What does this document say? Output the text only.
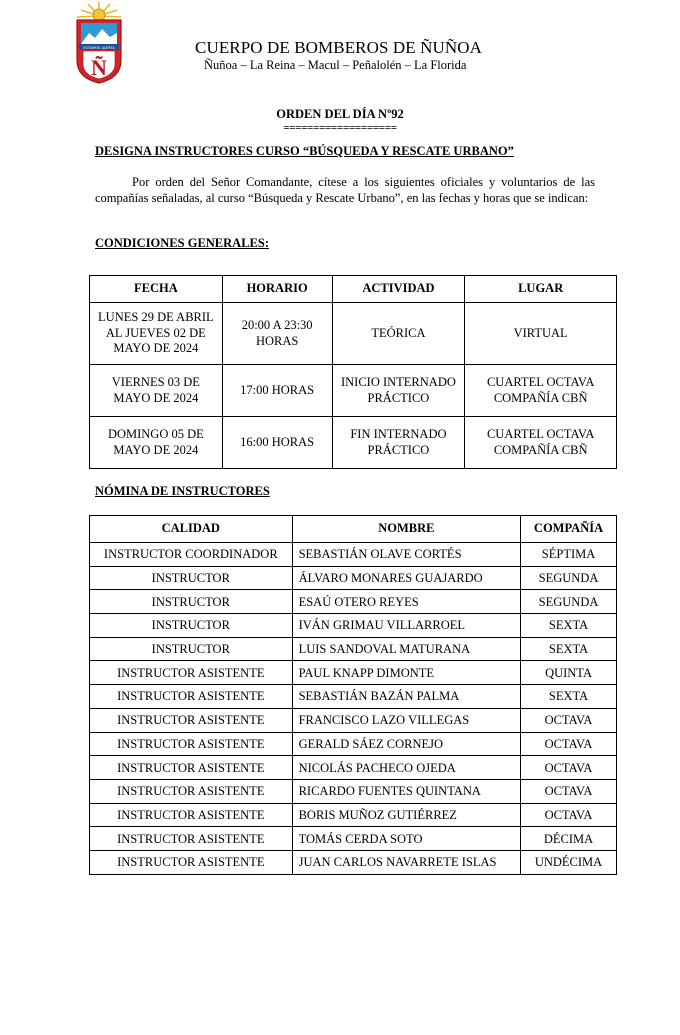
ESTAMOS ALERTA
Ñ
CUERPO DE BOMBEROS DE ÑUÑOA
Ñuñoa – La Reina – Macul – Peñalolén – La Florida
ORDEN DEL DÍA Nº92
===================
DESIGNA INSTRUCTORES CURSO “BÚSQUEDA Y RESCATE URBANO”

Por orden del Señor Comandante, cítese a los siguientes oficiales y voluntarios de las compañías señaladas, al curso “Búsqueda y Rescate Urbano”, en las fechas y horas que se indican:

CONDICIONES GENERALES:
FECHA	HORARIO	ACTIVIDAD	LUGAR
LUNES 29 DE ABRIL AL JUEVES 02 DE MAYO DE 2024	20:00 A 23:30 HORAS	TEÓRICA	VIRTUAL
VIERNES 03 DE MAYO DE 2024	17:00 HORAS	INICIO INTERNADO PRÁCTICO	CUARTEL OCTAVA COMPAÑÍA CBÑ
DOMINGO 05 DE MAYO DE 2024	16:00 HORAS	FIN INTERNADO PRÁCTICO	CUARTEL OCTAVA COMPAÑÍA CBÑ
NÓMINA DE INSTRUCTORES
CALIDAD	NOMBRE	COMPAÑÍA
INSTRUCTOR COORDINADOR	SEBASTIÁN OLAVE CORTÉS	SÉPTIMA
INSTRUCTOR	ÁLVARO MONARES GUAJARDO	SEGUNDA
INSTRUCTOR	ESAÚ OTERO REYES	SEGUNDA
INSTRUCTOR	IVÁN GRIMAU VILLARROEL	SEXTA
INSTRUCTOR	LUIS SANDOVAL MATURANA	SEXTA
INSTRUCTOR ASISTENTE	PAUL KNAPP DIMONTE	QUINTA
INSTRUCTOR ASISTENTE	SEBASTIÁN BAZÁN PALMA	SEXTA
INSTRUCTOR ASISTENTE	FRANCISCO LAZO VILLEGAS	OCTAVA
INSTRUCTOR ASISTENTE	GERALD SÁEZ CORNEJO	OCTAVA
INSTRUCTOR ASISTENTE	NICOLÁS PACHECO OJEDA	OCTAVA
INSTRUCTOR ASISTENTE	RICARDO FUENTES QUINTANA	OCTAVA
INSTRUCTOR ASISTENTE	BORIS MUÑOZ GUTIÉRREZ	OCTAVA
INSTRUCTOR ASISTENTE	TOMÁS CERDA SOTO	DÉCIMA
INSTRUCTOR ASISTENTE	JUAN CARLOS NAVARRETE ISLAS	UNDÉCIMA
